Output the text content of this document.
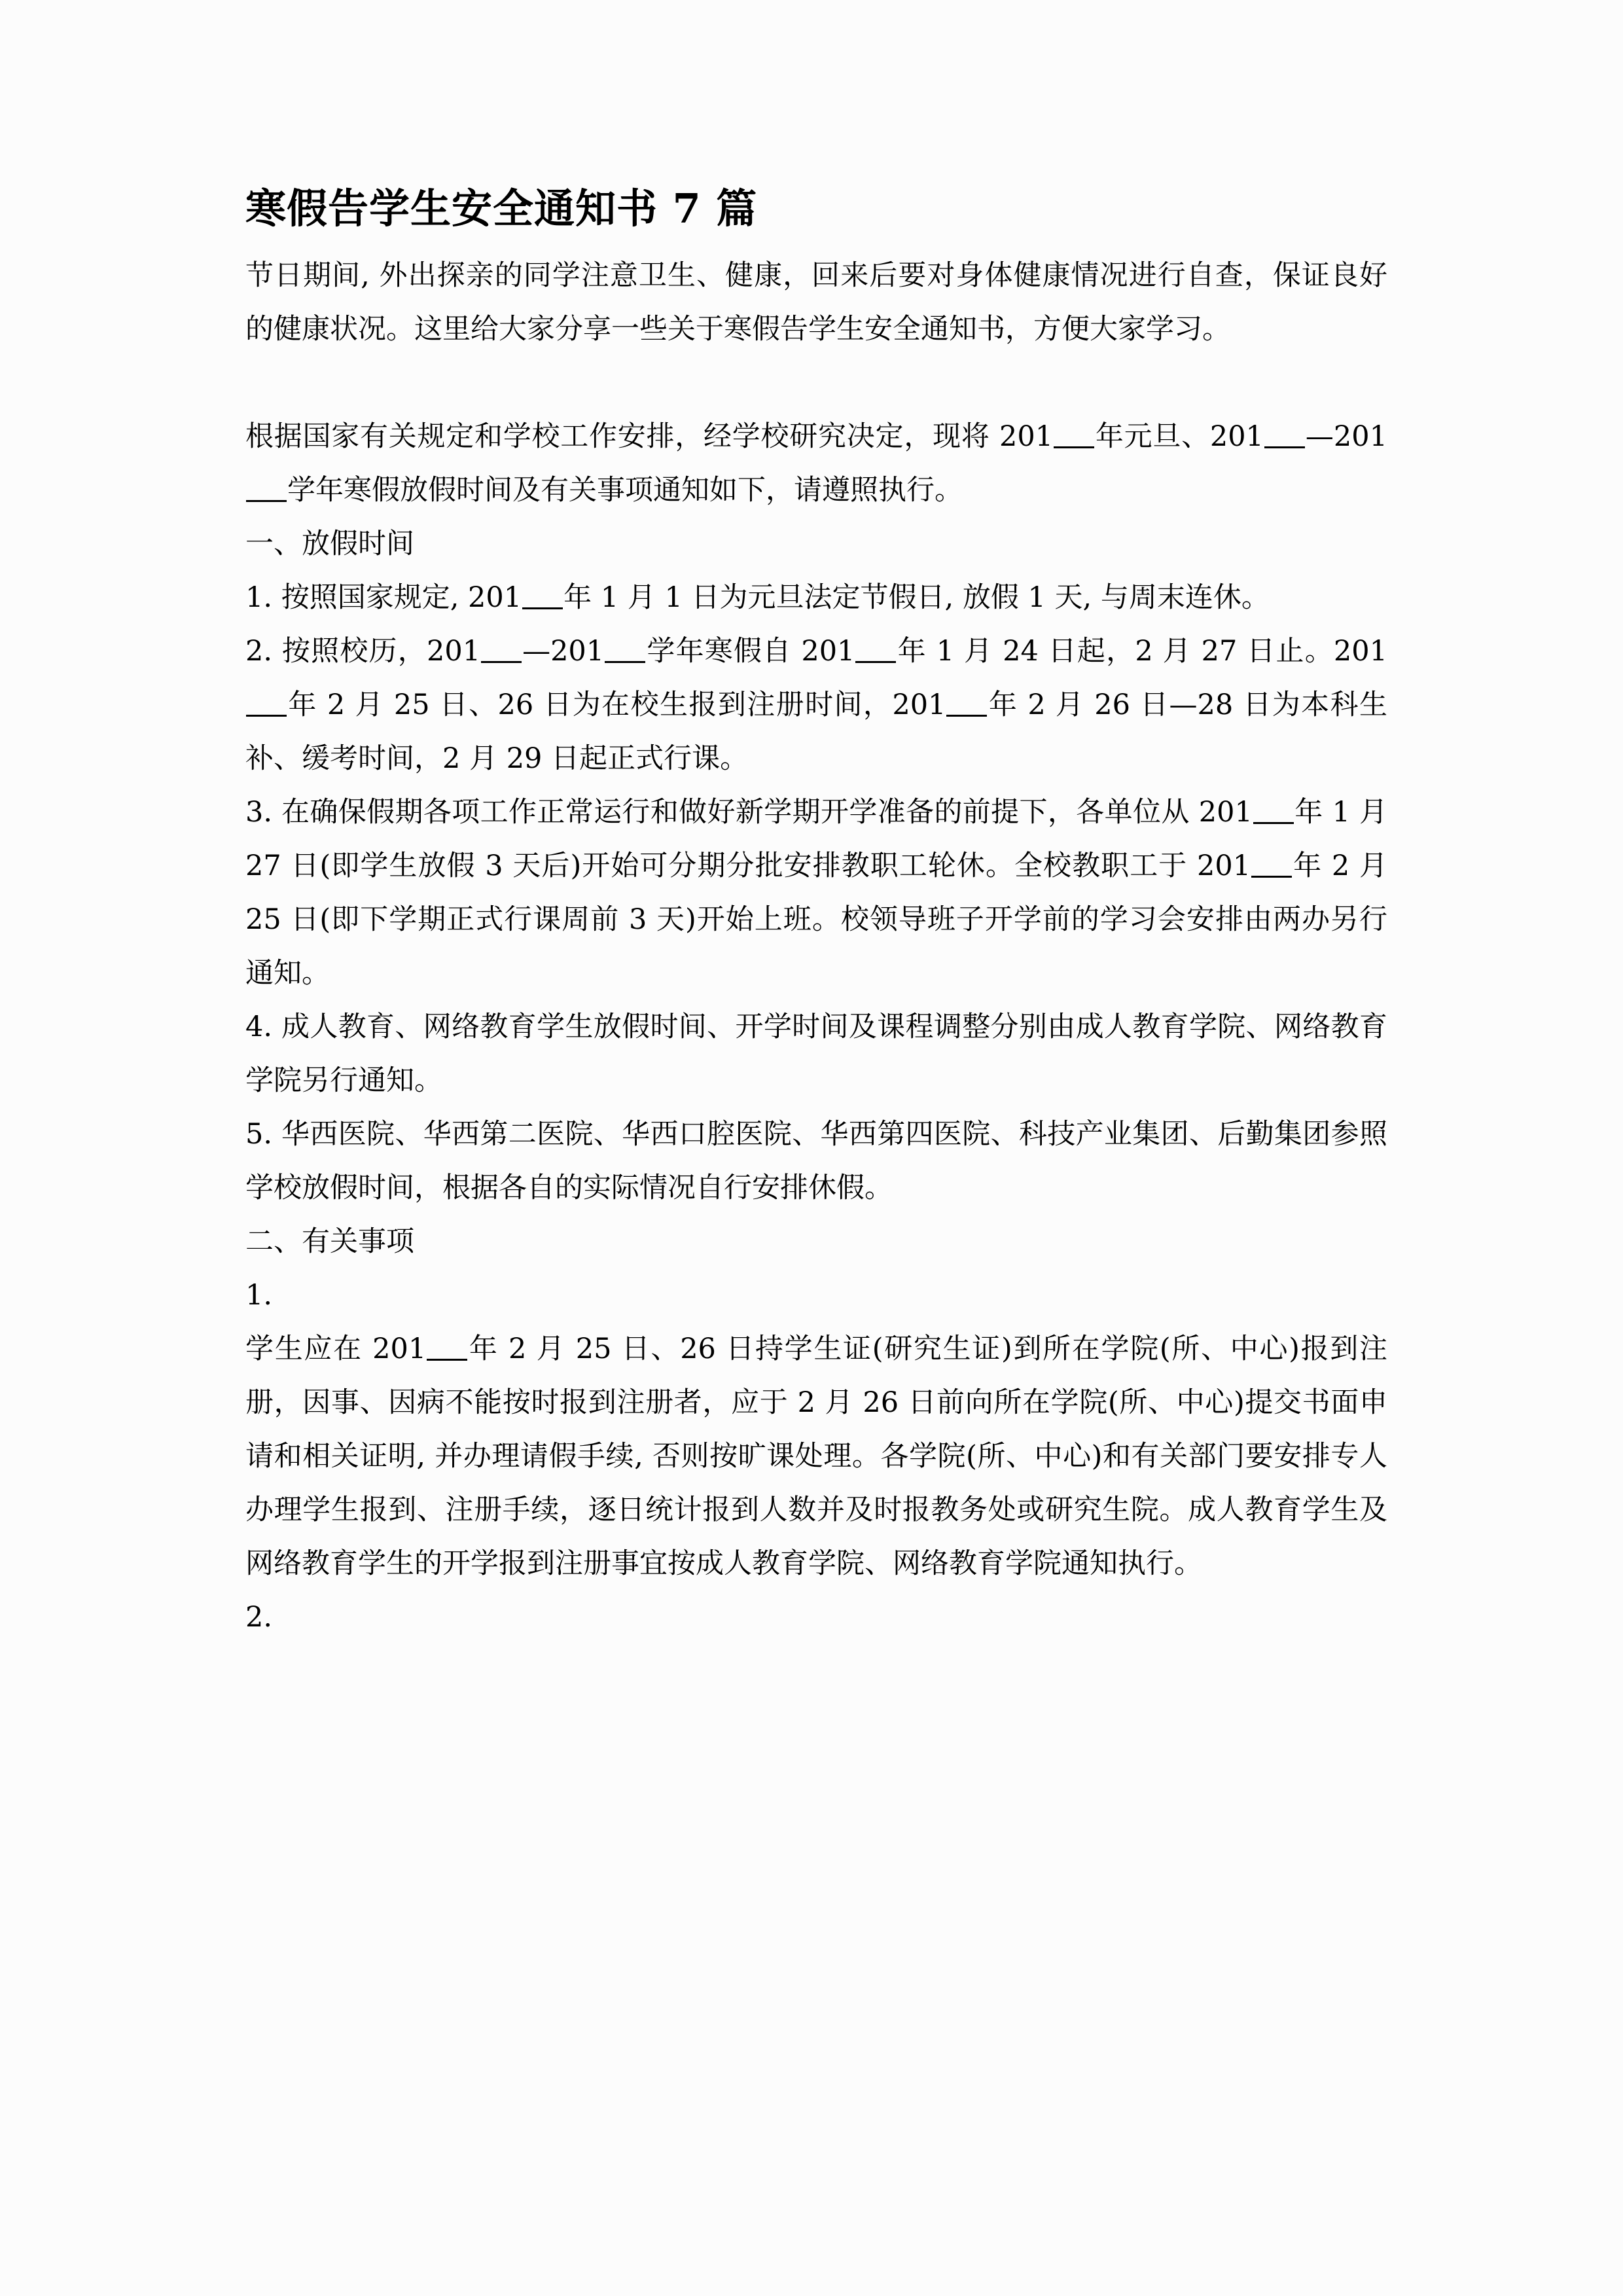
寒假告学生安全通知书 7 篇

节日期间, 外出探亲的同学注意卫生、健康，回来后要对身体健康情况进行自查，保证良好的健康状况。这里给大家分享一些关于寒假告学生安全通知书，方便大家学习。

根据国家有关规定和学校工作安排，经学校研究决定，现将 201 年元旦、201 —201学年寒假放假时间及有关事项通知如下，请遵照执行。

一、放假时间

1. 按照国家规定, 201 年 1 月 1 日为元旦法定节假日, 放假 1 天, 与周末连休。

2. 按照校历，201 —201 学年寒假自 201 年 1 月 24 日起，2 月 27 日止。201年 2 月 25 日、26 日为在校生报到注册时间，201 年 2 月 26 日—28 日为本科生补、缓考时间，2 月 29 日起正式行课。

3. 在确保假期各项工作正常运行和做好新学期开学准备的前提下，各单位从 201 年 1 月 27 日(即学生放假 3 天后)开始可分期分批安排教职工轮休。全校教职工于 201 年 2 月 25 日(即下学期正式行课周前 3 天)开始上班。校领导班子开学前的学习会安排由两办另行通知。

4. 成人教育、网络教育学生放假时间、开学时间及课程调整分别由成人教育学院、网络教育学院另行通知。

5. 华西医院、华西第二医院、华西口腔医院、华西第四医院、科技产业集团、后勤集团参照学校放假时间，根据各自的实际情况自行安排休假。

二、有关事项

1.

学生应在 201 年 2 月 25 日、26 日持学生证(研究生证)到所在学院(所、中心)报到注册，因事、因病不能按时报到注册者，应于 2 月 26 日前向所在学院(所、中心)提交书面申请和相关证明, 并办理请假手续, 否则按旷课处理。各学院(所、中心)和有关部门要安排专人办理学生报到、注册手续，逐日统计报到人数并及时报教务处或研究生院。成人教育学生及网络教育学生的开学报到注册事宜按成人教育学院、网络教育学院通知执行。

2.
